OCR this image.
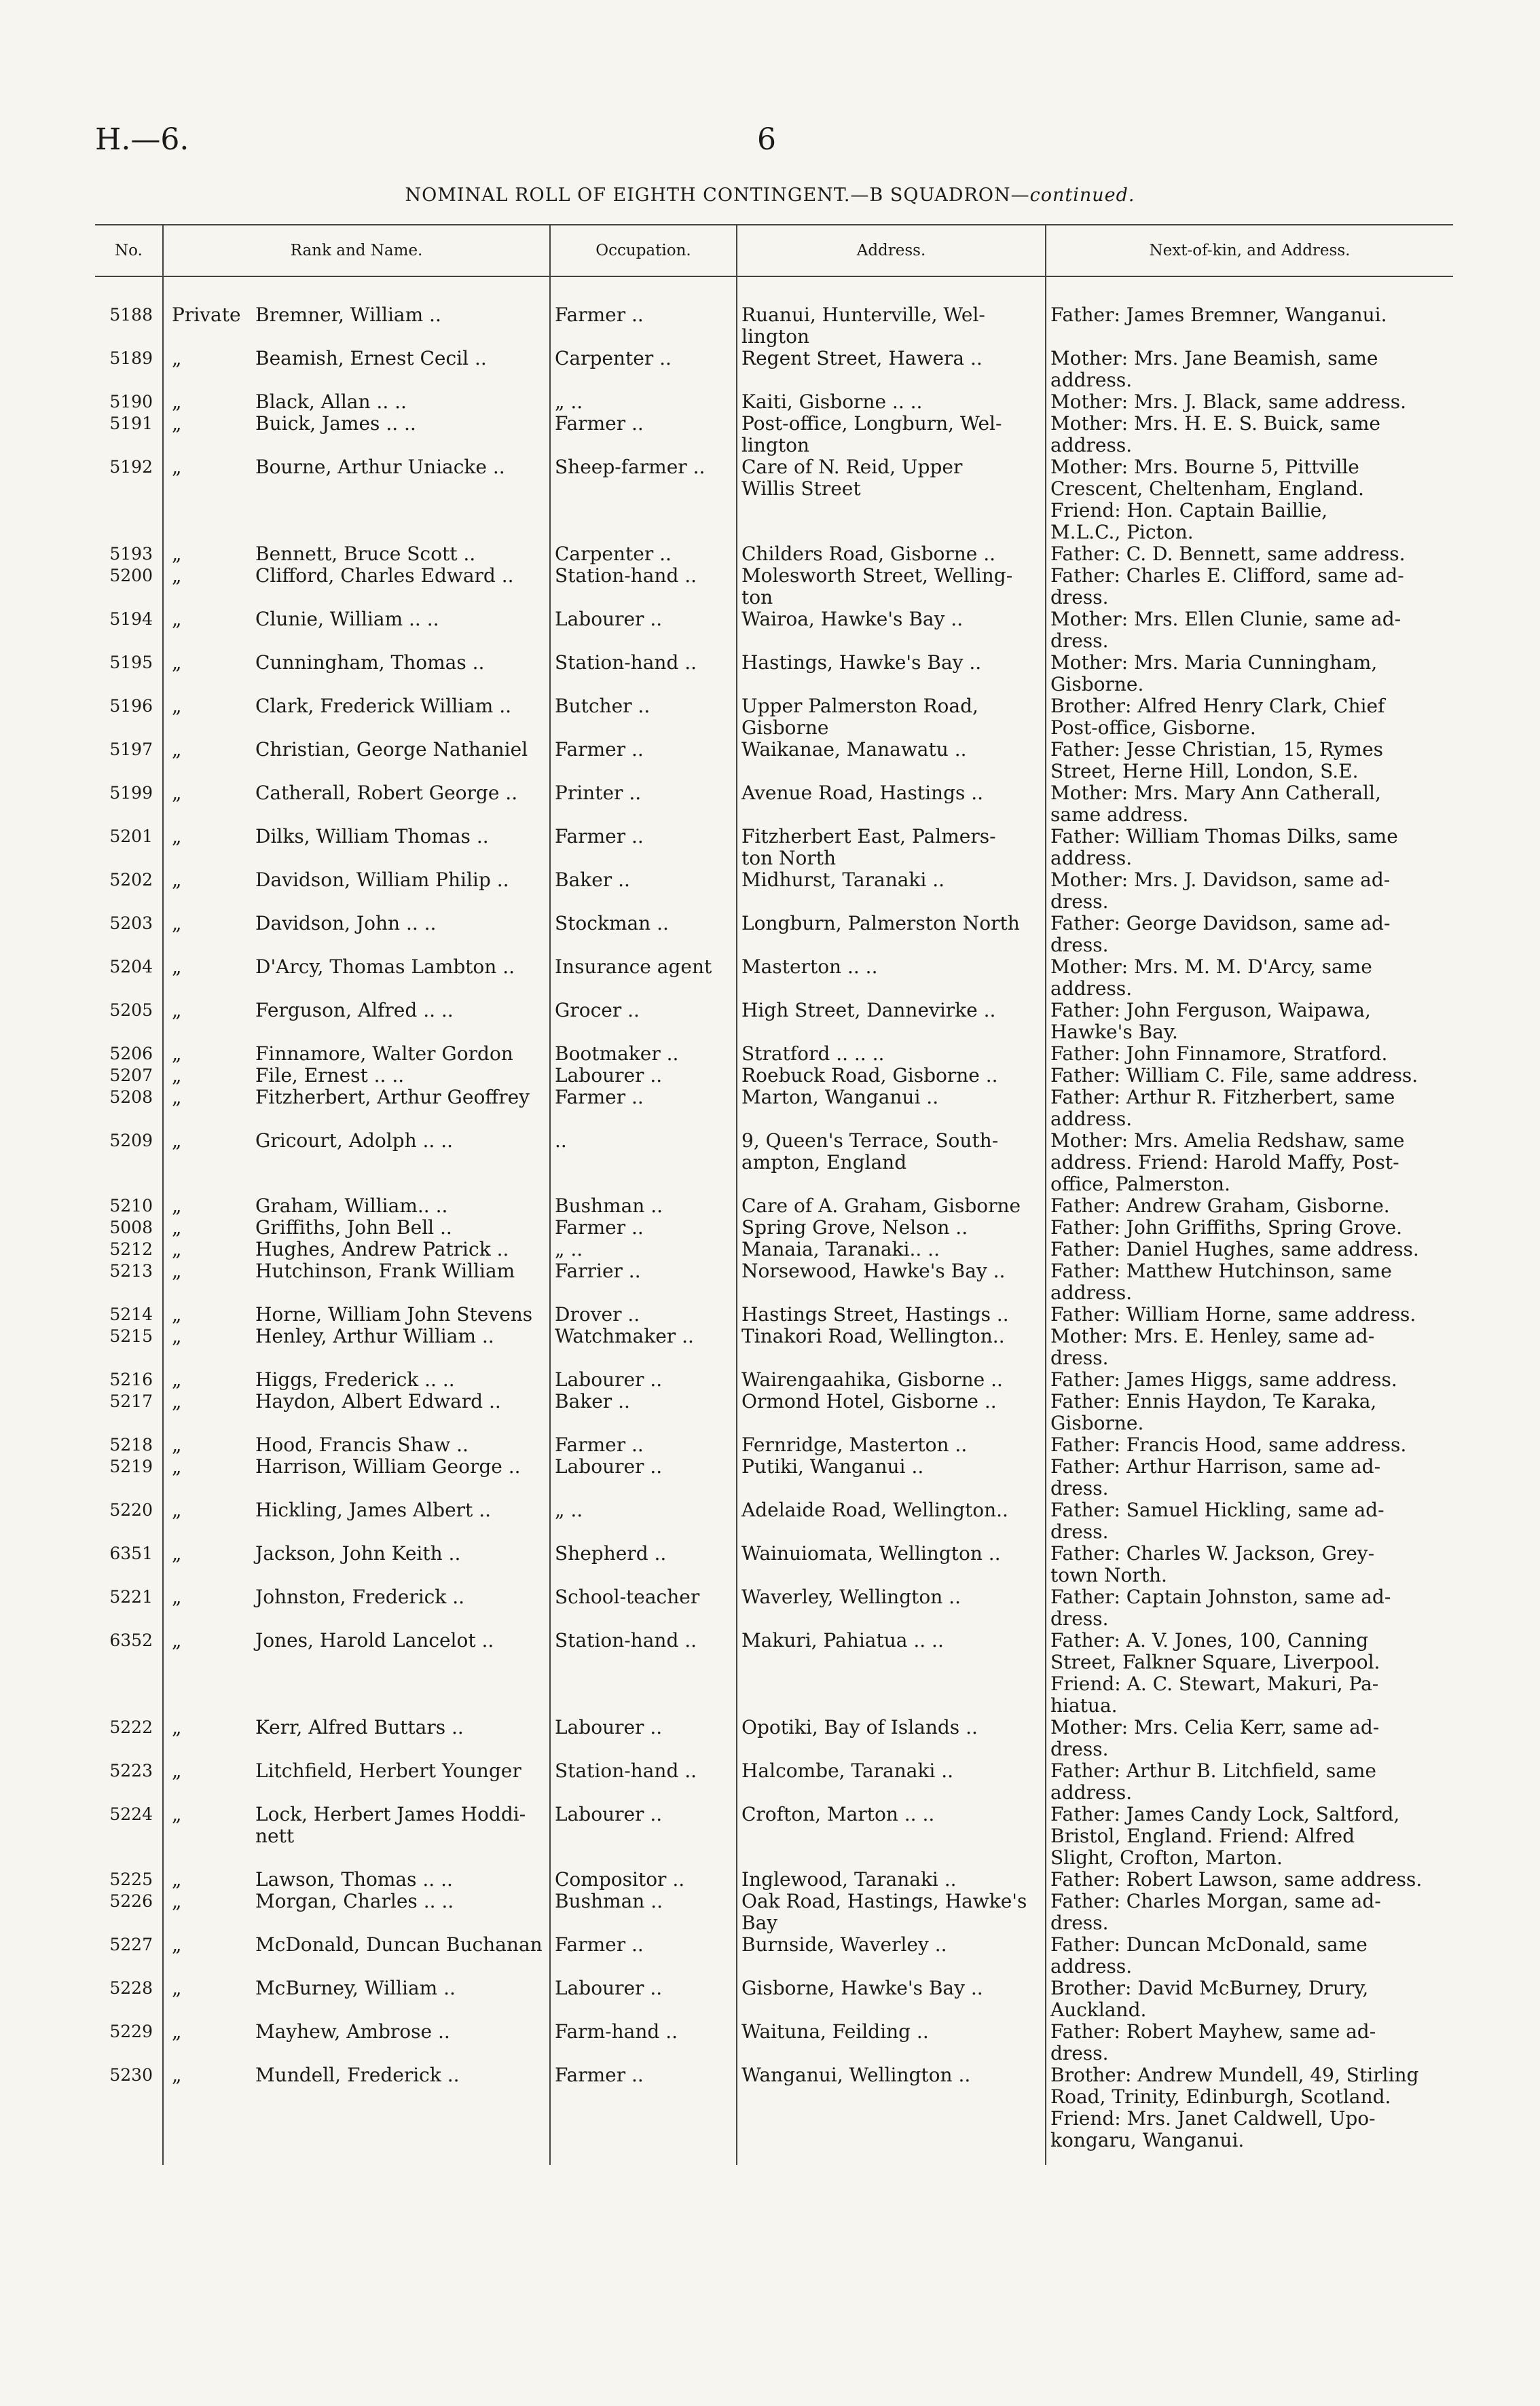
H.—6.	6
NOMINAL ROLL OF EIGHTH CONTINGENT.—B SQUADRON—continued.
No.	Rank and Name.		Occupation.	Address.	Next-of-kin, and Address.

5188	Private	Bremner, William ..	Farmer ..	Ruanui, Hunterville, Wel-	Father: James Bremner, Wanganui.
				lington	
5189	„	Beamish, Ernest Cecil ..	Carpenter ..	Regent Street, Hawera ..	Mother: Mrs. Jane Beamish, same
					address.
5190	„	Black, Allan .. ..	„ ..	Kaiti, Gisborne .. ..	Mother: Mrs. J. Black, same address.
5191	„	Buick, James .. ..	Farmer ..	Post-office, Longburn, Wel-	Mother: Mrs. H. E. S. Buick, same
				lington	address.
5192	„	Bourne, Arthur Uniacke ..	Sheep-farmer ..	Care of N. Reid, Upper	Mother: Mrs. Bourne 5, Pittville
				Willis Street	Crescent, Cheltenham, England.
					Friend: Hon. Captain Baillie,
					M.L.C., Picton.
5193	„	Bennett, Bruce Scott ..	Carpenter ..	Childers Road, Gisborne ..	Father: C. D. Bennett, same address.
5200	„	Clifford, Charles Edward ..	Station-hand ..	Molesworth Street, Welling-	Father: Charles E. Clifford, same ad-
				ton	dress.
5194	„	Clunie, William .. ..	Labourer ..	Wairoa, Hawke's Bay ..	Mother: Mrs. Ellen Clunie, same ad-
					dress.
5195	„	Cunningham, Thomas ..	Station-hand ..	Hastings, Hawke's Bay ..	Mother: Mrs. Maria Cunningham,
					Gisborne.
5196	„	Clark, Frederick William ..	Butcher ..	Upper Palmerston Road,	Brother: Alfred Henry Clark, Chief
				Gisborne	Post-office, Gisborne.
5197	„	Christian, George Nathaniel	Farmer ..	Waikanae, Manawatu ..	Father: Jesse Christian, 15, Rymes
					Street, Herne Hill, London, S.E.
5199	„	Catherall, Robert George ..	Printer ..	Avenue Road, Hastings ..	Mother: Mrs. Mary Ann Catherall,
					same address.
5201	„	Dilks, William Thomas ..	Farmer ..	Fitzherbert East, Palmers-	Father: William Thomas Dilks, same
				ton North	address.
5202	„	Davidson, William Philip ..	Baker ..	Midhurst, Taranaki ..	Mother: Mrs. J. Davidson, same ad-
					dress.
5203	„	Davidson, John .. ..	Stockman ..	Longburn, Palmerston North	Father: George Davidson, same ad-
					dress.
5204	„	D'Arcy, Thomas Lambton ..	Insurance agent	Masterton .. ..	Mother: Mrs. M. M. D'Arcy, same
					address.
5205	„	Ferguson, Alfred .. ..	Grocer ..	High Street, Dannevirke ..	Father: John Ferguson, Waipawa,
					Hawke's Bay.
5206	„	Finnamore, Walter Gordon	Bootmaker ..	Stratford .. .. ..	Father: John Finnamore, Stratford.
5207	„	File, Ernest .. ..	Labourer ..	Roebuck Road, Gisborne ..	Father: William C. File, same address.
5208	„	Fitzherbert, Arthur Geoffrey	Farmer ..	Marton, Wanganui ..	Father: Arthur R. Fitzherbert, same
					address.
5209	„	Gricourt, Adolph .. ..	..	9, Queen's Terrace, South-	Mother: Mrs. Amelia Redshaw, same
				ampton, England	address. Friend: Harold Maffy, Post-
					office, Palmerston.
5210	„	Graham, William.. ..	Bushman ..	Care of A. Graham, Gisborne	Father: Andrew Graham, Gisborne.
5008	„	Griffiths, John Bell ..	Farmer ..	Spring Grove, Nelson ..	Father: John Griffiths, Spring Grove.
5212	„	Hughes, Andrew Patrick ..	„ ..	Manaia, Taranaki.. ..	Father: Daniel Hughes, same address.
5213	„	Hutchinson, Frank William	Farrier ..	Norsewood, Hawke's Bay ..	Father: Matthew Hutchinson, same
					address.
5214	„	Horne, William John Stevens	Drover ..	Hastings Street, Hastings ..	Father: William Horne, same address.
5215	„	Henley, Arthur William ..	Watchmaker ..	Tinakori Road, Wellington..	Mother: Mrs. E. Henley, same ad-
					dress.
5216	„	Higgs, Frederick .. ..	Labourer ..	Wairengaahika, Gisborne ..	Father: James Higgs, same address.
5217	„	Haydon, Albert Edward ..	Baker ..	Ormond Hotel, Gisborne ..	Father: Ennis Haydon, Te Karaka,
					Gisborne.
5218	„	Hood, Francis Shaw ..	Farmer ..	Fernridge, Masterton ..	Father: Francis Hood, same address.
5219	„	Harrison, William George ..	Labourer ..	Putiki, Wanganui ..	Father: Arthur Harrison, same ad-
					dress.
5220	„	Hickling, James Albert ..	„ ..	Adelaide Road, Wellington..	Father: Samuel Hickling, same ad-
					dress.
6351	„	Jackson, John Keith ..	Shepherd ..	Wainuiomata, Wellington ..	Father: Charles W. Jackson, Grey-
					town North.
5221	„	Johnston, Frederick ..	School-teacher	Waverley, Wellington ..	Father: Captain Johnston, same ad-
					dress.
6352	„	Jones, Harold Lancelot ..	Station-hand ..	Makuri, Pahiatua .. ..	Father: A. V. Jones, 100, Canning
					Street, Falkner Square, Liverpool.
					Friend: A. C. Stewart, Makuri, Pa-
					hiatua.
5222	„	Kerr, Alfred Buttars ..	Labourer ..	Opotiki, Bay of Islands ..	Mother: Mrs. Celia Kerr, same ad-
					dress.
5223	„	Litchfield, Herbert Younger	Station-hand ..	Halcombe, Taranaki ..	Father: Arthur B. Litchfield, same
					address.
5224	„	Lock, Herbert James Hoddi-	Labourer ..	Crofton, Marton .. ..	Father: James Candy Lock, Saltford,
		nett			Bristol, England. Friend: Alfred
					Slight, Crofton, Marton.
5225	„	Lawson, Thomas .. ..	Compositor ..	Inglewood, Taranaki ..	Father: Robert Lawson, same address.
5226	„	Morgan, Charles .. ..	Bushman ..	Oak Road, Hastings, Hawke's	Father: Charles Morgan, same ad-
				Bay	dress.
5227	„	McDonald, Duncan Buchanan	Farmer ..	Burnside, Waverley ..	Father: Duncan McDonald, same
					address.
5228	„	McBurney, William ..	Labourer ..	Gisborne, Hawke's Bay ..	Brother: David McBurney, Drury,
					Auckland.
5229	„	Mayhew, Ambrose ..	Farm-hand ..	Waituna, Feilding ..	Father: Robert Mayhew, same ad-
					dress.
5230	„	Mundell, Frederick ..	Farmer ..	Wanganui, Wellington ..	Brother: Andrew Mundell, 49, Stirling
					Road, Trinity, Edinburgh, Scotland.
					Friend: Mrs. Janet Caldwell, Upo-
					kongaru, Wanganui.
